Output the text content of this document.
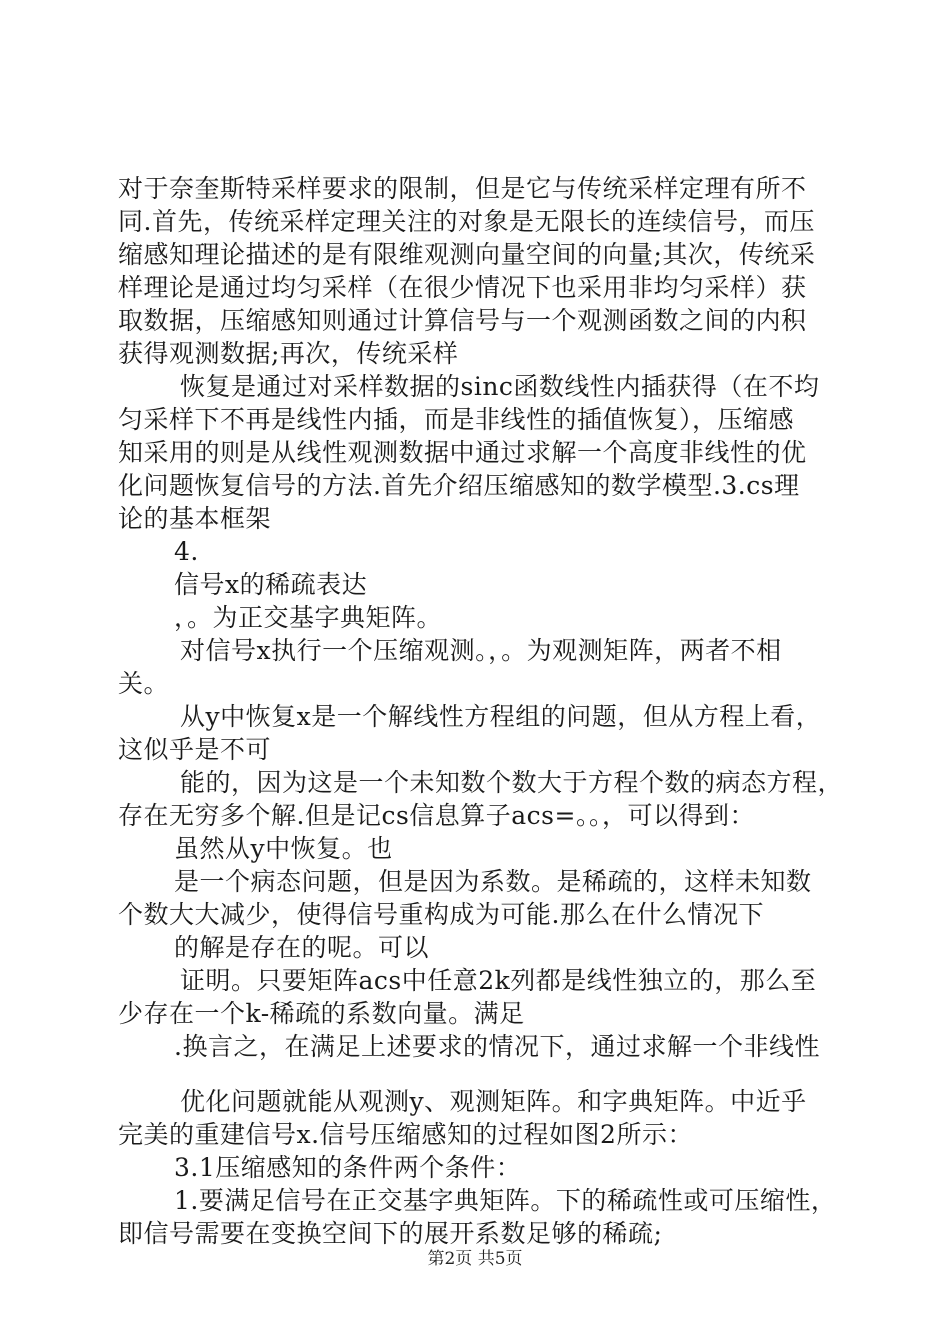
对于奈奎斯特采样要求的限制，但是它与传统采样定理有所不
同.首先，传统采样定理关注的对象是无限长的连续信号，而压
缩感知理论描述的是有限维观测向量空间的向量;其次，传统采
样理论是通过均匀采样（在很少情况下也采用非均匀采样）获
取数据，压缩感知则通过计算信号与一个观测函数之间的内积
获得观测数据;再次，传统采样
恢复是通过对采样数据的sinc函数线性内插获得（在不均
匀采样下不再是线性内插，而是非线性的插值恢复），压缩感
知采用的则是从线性观测数据中通过求解一个高度非线性的优
化问题恢复信号的方法.首先介绍压缩感知的数学模型.3.cs理
论的基本框架
4.
信号x的稀疏表达
，。为正交基字典矩阵。
对信号x执行一个压缩观测。，。为观测矩阵，两者不相
关。
从y中恢复x是一个解线性方程组的问题，但从方程上看，
这似乎是不可
能的，因为这是一个未知数个数大于方程个数的病态方程，
存在无穷多个解.但是记cs信息算子acs=。。，可以得到：
虽然从y中恢复。也
是一个病态问题，但是因为系数。是稀疏的，这样未知数
个数大大减少，使得信号重构成为可能.那么在什么情况下
的解是存在的呢。可以
证明。只要矩阵acs中任意2k列都是线性独立的，那么至
少存在一个k-稀疏的系数向量。满足
.换言之，在满足上述要求的情况下，通过求解一个非线性
优化问题就能从观测y、观测矩阵。和字典矩阵。中近乎
完美的重建信号x.信号压缩感知的过程如图2所示：
3.1压缩感知的条件两个条件：
1.要满足信号在正交基字典矩阵。下的稀疏性或可压缩性，
即信号需要在变换空间下的展开系数足够的稀疏;
第2页 共5页
